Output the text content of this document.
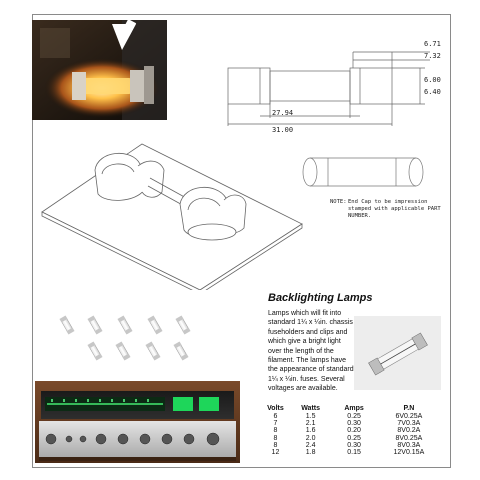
6.71
7.32
6.00
6.40
27.94
31.00
NOTE: End Cap to be impression stamped with applicable PART NUMBER.
Backlighting Lamps
Lamps which will fit into standard 1¼ x ¼in. chassis fuseholders and clips and which give a bright light over the length of the filament. The lamps have the appearance of standard 1¼ x ¼in. fuses. Several voltages are available.
Volts	Watts	Amps	P.N
6	1.5	0.25	6V0.25A
7	2.1	0.30	7V0.3A
8	1.6	0.20	8V0.2A
8	2.0	0.25	8V0.25A
8	2.4	0.30	8V0.3A
12	1.8	0.15	12V0.15A
